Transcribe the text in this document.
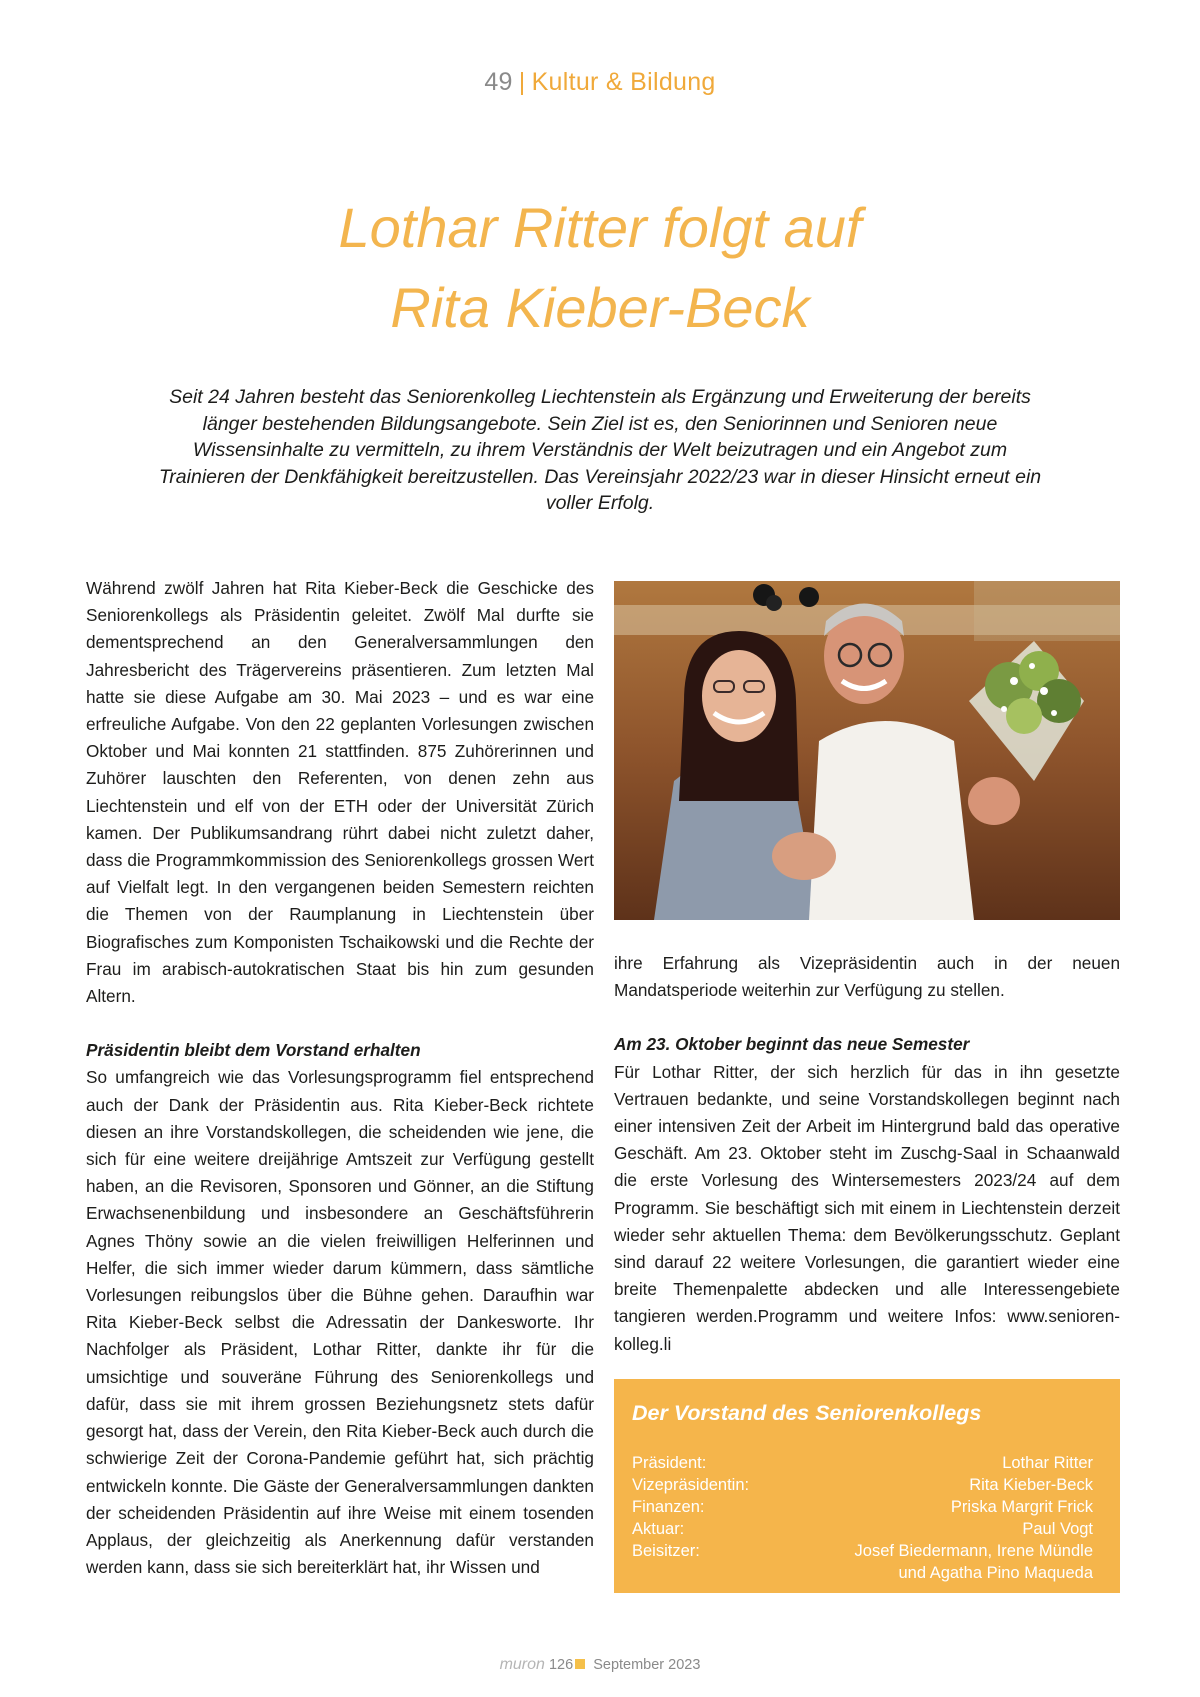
49 | Kultur & Bildung
Lothar Ritter folgt auf
Rita Kieber-Beck
Seit 24 Jahren besteht das Seniorenkolleg Liechtenstein als Ergänzung und Erweiterung der bereits länger bestehenden Bildungsangebote. Sein Ziel ist es, den Seniorinnen und Senioren neue Wissensinhalte zu vermitteln, zu ihrem Verständnis der Welt beizutragen und ein Angebot zum Trainieren der Denkfähigkeit bereitzustellen. Das Vereinsjahr 2022/23 war in dieser Hinsicht erneut ein voller Erfolg.

Während zwölf Jahren hat Rita Kieber-Beck die Geschicke des Seniorenkollegs als Präsidentin geleitet. Zwölf Mal durfte sie dementsprechend an den Generalversammlungen den Jahresbericht des Trägervereins präsentieren. Zum letzten Mal hatte sie diese Aufgabe am 30. Mai 2023 – und es war eine erfreuliche Aufgabe. Von den 22 geplanten Vorlesungen zwischen Oktober und Mai konnten 21 stattfinden. 875 Zuhörerinnen und Zuhörer lauschten den Referenten, von denen zehn aus Liechtenstein und elf von der ETH oder der Universität Zürich kamen. Der Publikumsandrang rührt dabei nicht zuletzt daher, dass die Programmkommission des Seniorenkollegs grossen Wert auf Vielfalt legt. In den vergangenen beiden Semestern reichten die Themen von der Raumplanung in Liechtenstein über Biografisches zum Komponisten Tschaikowski und die Rechte der Frau im arabisch-autokratischen Staat bis hin zum gesunden Altern.

Präsidentin bleibt dem Vorstand erhalten

So umfangreich wie das Vorlesungsprogramm fiel entsprechend auch der Dank der Präsidentin aus. Rita Kieber-Beck richtete diesen an ihre Vorstandskollegen, die scheidenden wie jene, die sich für eine weitere dreijährige Amtszeit zur Verfügung gestellt haben, an die Revisoren, Sponsoren und Gönner, an die Stiftung Erwachsenenbildung und insbesondere an Geschäftsführerin Agnes Thöny sowie an die vielen freiwilligen Helferinnen und Helfer, die sich immer wieder darum kümmern, dass sämtliche Vorlesungen reibungslos über die Bühne gehen. Daraufhin war Rita Kieber-Beck selbst die Adressatin der Dankesworte. Ihr Nachfolger als Präsident, Lothar Ritter, dankte ihr für die umsichtige und souveräne Führung des Seniorenkollegs und dafür, dass sie mit ihrem grossen Beziehungsnetz stets dafür gesorgt hat, dass der Verein, den Rita Kieber-Beck auch durch die schwierige Zeit der Corona-Pandemie geführt hat, sich prächtig entwickeln konnte. Die Gäste der Generalversammlungen dankten der scheidenden Präsidentin auf ihre Weise mit einem tosenden Applaus, der gleichzeitig als Anerkennung dafür verstanden werden kann, dass sie sich bereiterklärt hat, ihr Wissen und

ihre Erfahrung als Vizepräsidentin auch in der neuen Mandatsperiode weiterhin zur Verfügung zu stellen.

Am 23. Oktober beginnt das neue Semester

Für Lothar Ritter, der sich herzlich für das in ihn gesetzte Vertrauen bedankte, und seine Vorstandskollegen beginnt nach einer intensiven Zeit der Arbeit im Hintergrund bald das operative Geschäft. Am 23. Oktober steht im Zuschg-Saal in Schaanwald die erste Vorlesung des Wintersemesters 2023/24 auf dem Programm. Sie beschäftigt sich mit einem in Liechtenstein derzeit wieder sehr aktuellen Thema: dem Bevölkerungsschutz. Geplant sind darauf 22 weitere Vorlesungen, die garantiert wieder eine breite Themenpalette abdecken und alle Interessengebiete tangieren werden.Programm und weitere Infos: www.senioren-kolleg.li

Der Vorstand des Seniorenkollegs

Präsident:	Lothar Ritter
Vizepräsidentin:	Rita Kieber-Beck
Finanzen:	Priska Margrit Frick
Aktuar:	Paul Vogt
Beisitzer:	Josef Biedermann, Irene Mündle
und Agatha Pino Maqueda
muron 126 September 2023
